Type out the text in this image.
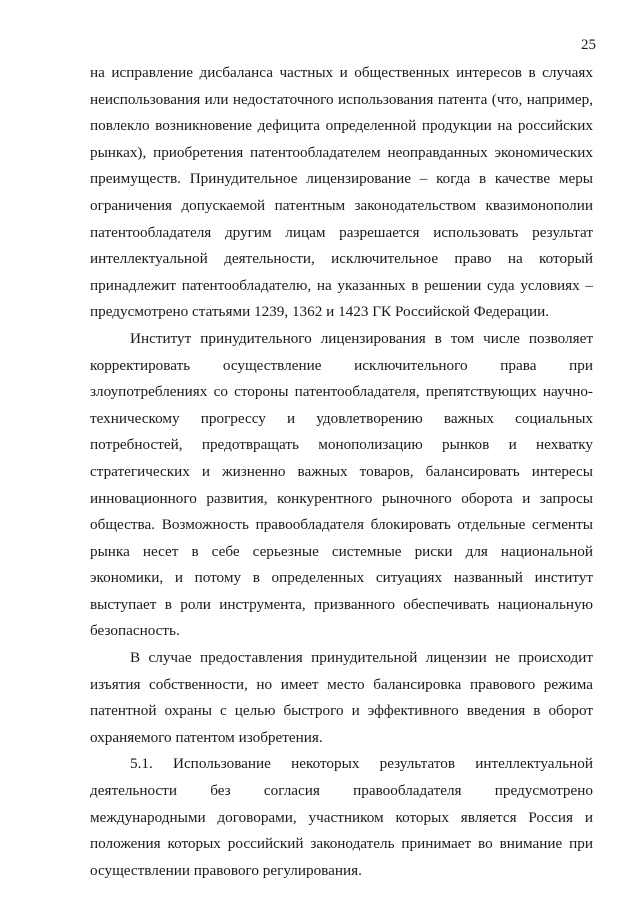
25

на исправление дисбаланса частных и общественных интересов в случаях неиспользования или недостаточного использования патента (что, например, повлекло возникновение дефицита определенной продукции на российских рынках), приобретения патентообладателем неоправданных экономических преимуществ. Принудительное лицензирование – когда в качестве меры ограничения допускаемой патентным законодательством квазимонополии патентообладателя другим лицам разрешается использовать результат интеллектуальной деятельности, исключительное право на который принадлежит патентообладателю, на указанных в решении суда условиях – предусмотрено статьями 1239, 1362 и 1423 ГК Российской Федерации.

Институт принудительного лицензирования в том числе позволяет корректировать осуществление исключительного права при злоупотреблениях со стороны патентообладателя, препятствующих научно-техническому прогрессу и удовлетворению важных социальных потребностей, предотвращать монополизацию рынков и нехватку стратегических и жизненно важных товаров, балансировать интересы инновационного развития, конкурентного рыночного оборота и запросы общества. Возможность правообладателя блокировать отдельные сегменты рынка несет в себе серьезные системные риски для национальной экономики, и потому в определенных ситуациях названный институт выступает в роли инструмента, призванного обеспечивать национальную безопасность.

В случае предоставления принудительной лицензии не происходит изъятия собственности, но имеет место балансировка правового режима патентной охраны с целью быстрого и эффективного введения в оборот охраняемого патентом изобретения.

5.1. Использование некоторых результатов интеллектуальной деятельности без согласия правообладателя предусмотрено международными договорами, участником которых является Россия и положения которых российский законодатель принимает во внимание при осуществлении правового регулирования.
